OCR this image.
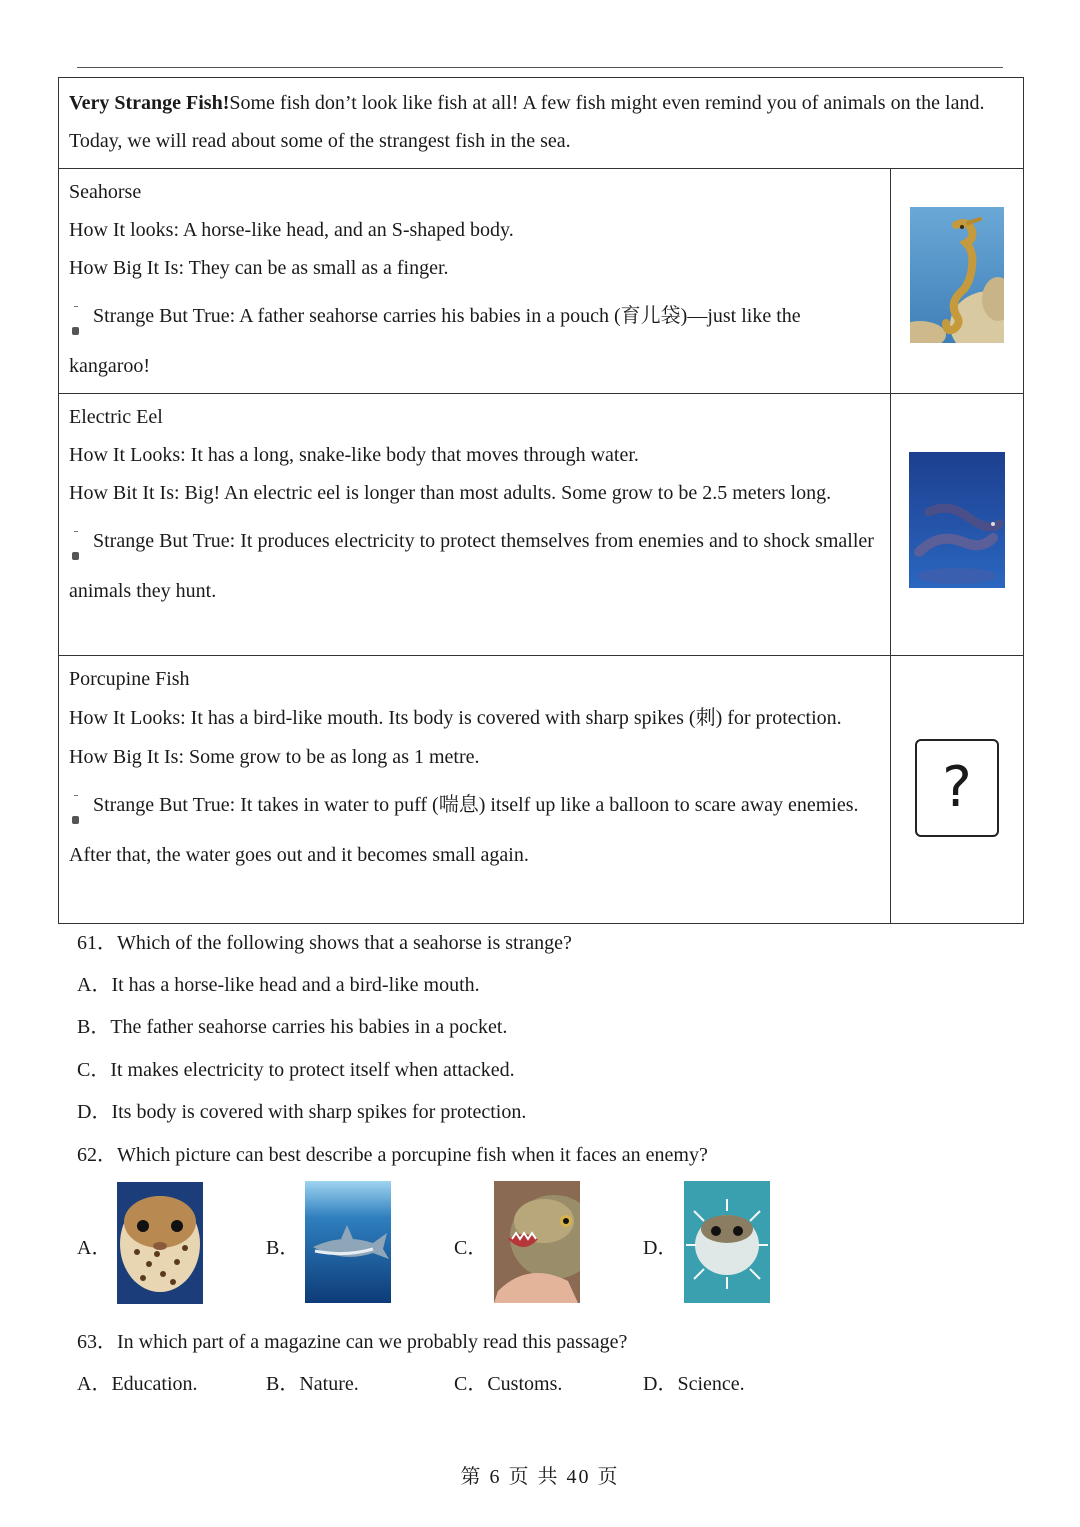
Very Strange Fish!Some fish don’t look like fish at all! A few fish might even remind you of animals on the land. Today, we will read about some of the strangest fish in the sea.	

Seahorse

How It looks: A horse-like head, and an S-shaped body.

How Big It Is: They can be as small as a finger.

Strange But True: A father seahorse carries his babies in a pouch (育儿袋)—just like the kangaroo!

Electric Eel

How It Looks: It has a long, snake-like body that moves through water.

How Bit It Is: Big! An electric eel is longer than most adults. Some grow to be 2.5 meters long.

Strange But True: It produces electricity to protect themselves from enemies and to shock smaller animals they hunt.

Porcupine Fish

How It Looks: It has a bird-like mouth. Its body is covered with sharp spikes (刺) for protection.

How Big It Is: Some grow to be as long as 1 metre.

Strange But True: It takes in water to puff (喘息) itself up like a balloon to scare away enemies. After that, the water goes out and it becomes small again.	?

61．Which of the following shows that a seahorse is strange?

A．It has a horse-like head and a bird-like mouth.

B．The father seahorse carries his babies in a pocket.

C．It makes electricity to protect itself when attacked.

D．Its body is covered with sharp spikes for protection.

62．Which picture can best describe a porcupine fish when it faces an enemy?

A．	B．	C．	D．

63．In which part of a magazine can we probably read this passage?

A．Education.	B．Nature.	C．Customs.	D．Science.

第 6 页 共 40 页
